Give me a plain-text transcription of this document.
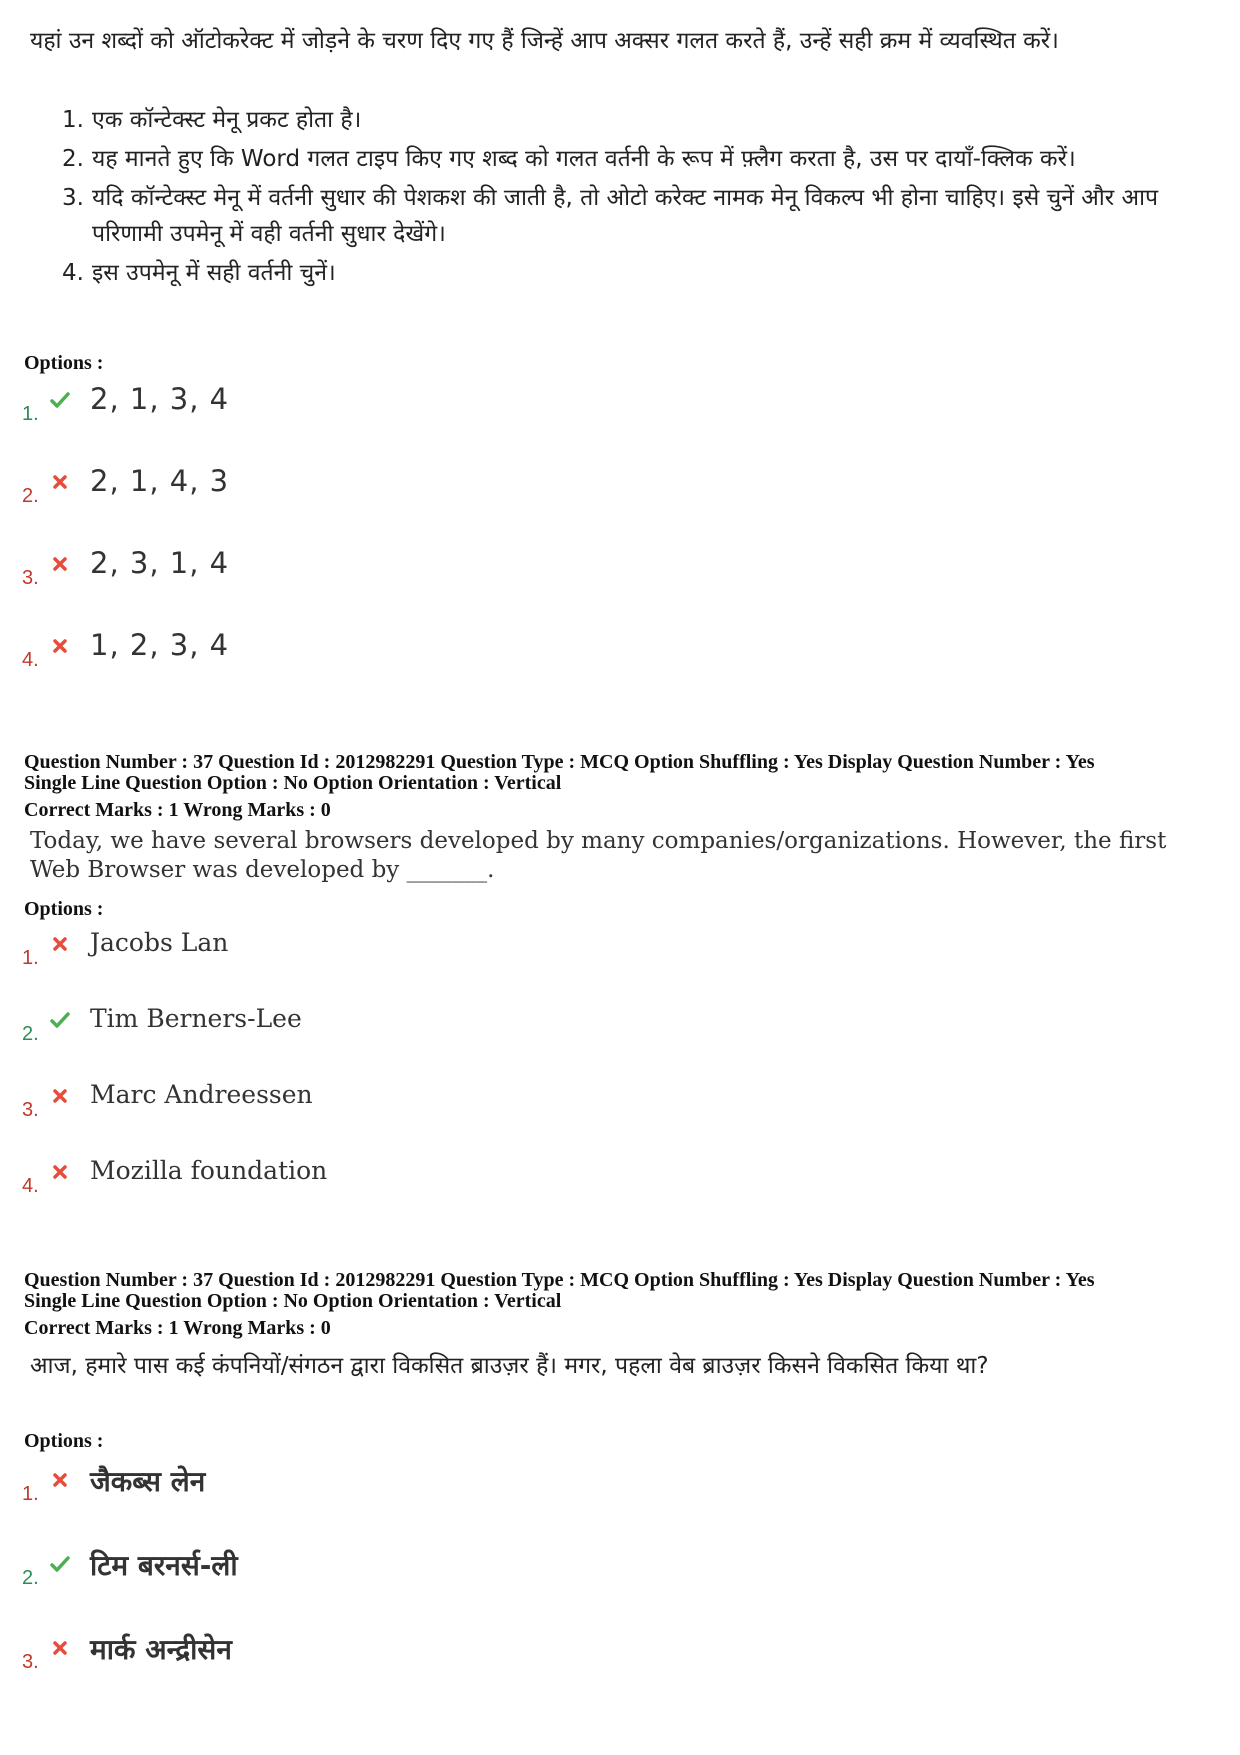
यहां उन शब्दों को ऑटोकरेक्ट में जोड़ने के चरण दिए गए हैं जिन्हें आप अक्सर गलत करते हैं, उन्हें सही क्रम में व्यवस्थित करें।
1. एक कॉन्टेक्स्ट मेनू प्रकट होता है।
2. यह मानते हुए कि Word गलत टाइप किए गए शब्द को गलत वर्तनी के रूप में फ़्लैग करता है, उस पर दायाँ-क्लिक करें।
3. यदि कॉन्टेक्स्ट मेनू में वर्तनी सुधार की पेशकश की जाती है, तो ओटो करेक्ट नामक मेनू विकल्प भी होना चाहिए। इसे चुनें और आप परिणामी उपमेनू में वही वर्तनी सुधार देखेंगे।
4. इस उपमेनू में सही वर्तनी चुनें।
Options :
1. 2, 1, 3, 4
2. 2, 1, 4, 3
3. 2, 3, 1, 4
4. 1, 2, 3, 4
Question Number : 37 Question Id : 2012982291 Question Type : MCQ Option Shuffling : Yes Display Question Number : Yes
Single Line Question Option : No Option Orientation : Vertical
Correct Marks : 1 Wrong Marks : 0
Today, we have several browsers developed by many companies/organizations. However, the first Web Browser was developed by _______.
Options :
1.
Jacobs Lan
2.
Tim Berners-Lee
3.
Marc Andreessen
4.
Mozilla foundation
Question Number : 37 Question Id : 2012982291 Question Type : MCQ Option Shuffling : Yes Display Question Number : Yes
Single Line Question Option : No Option Orientation : Vertical
Correct Marks : 1 Wrong Marks : 0
आज, हमारे पास कई कंपनियों/संगठन द्वारा विकसित ब्राउज़र हैं। मगर, पहला वेब ब्राउज़र किसने विकसित किया था?
Options :
1. जैकब्स लेन
2. टिम बरनर्स-ली
3. मार्क अन्द्रीसेन
